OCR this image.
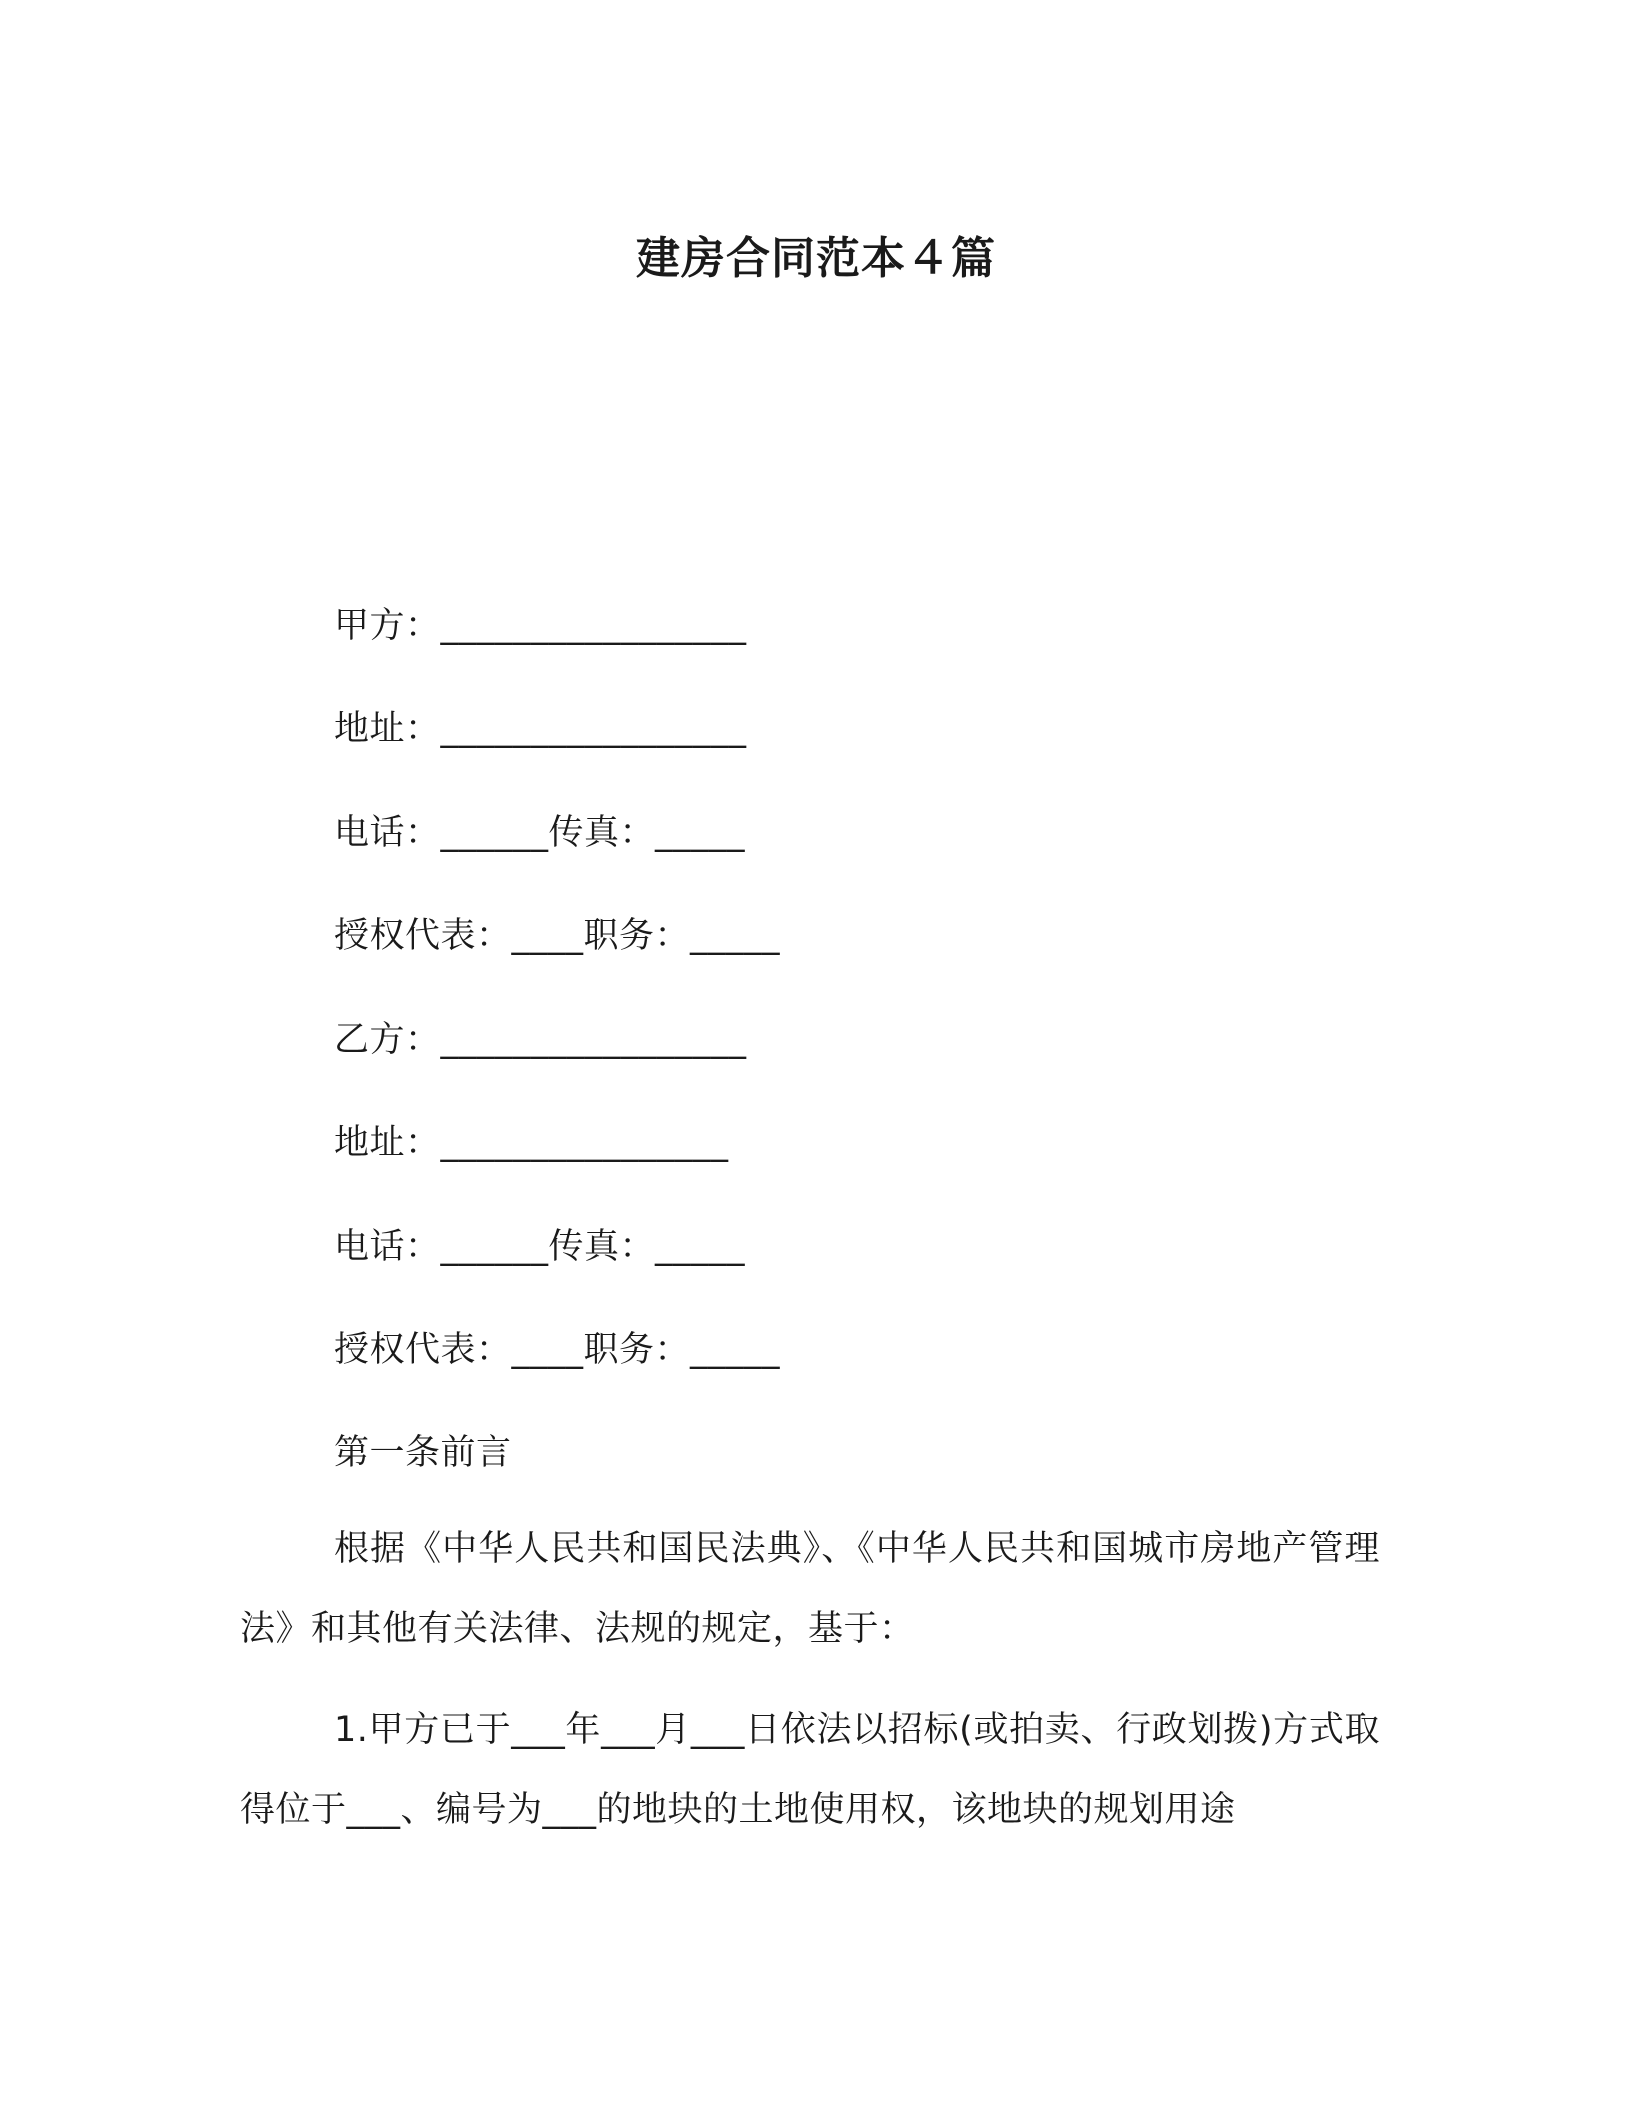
建房合同范本４篇
甲方：_________________
地址：_________________
电话：______传真：_____
授权代表：____职务：_____
乙方：_________________
地址：________________
电话：______传真：_____
授权代表：____职务：_____
第一条前言
根据《中华人民共和国民法典》、《中华人民共和国城市房地产管理法》和其他有关法律、法规的规定，基于：
1.甲方已于___年___月___日依法以招标(或拍卖、行政划拨)方式取得位于___、编号为___的地块的土地使用权，该地块的规划用途
